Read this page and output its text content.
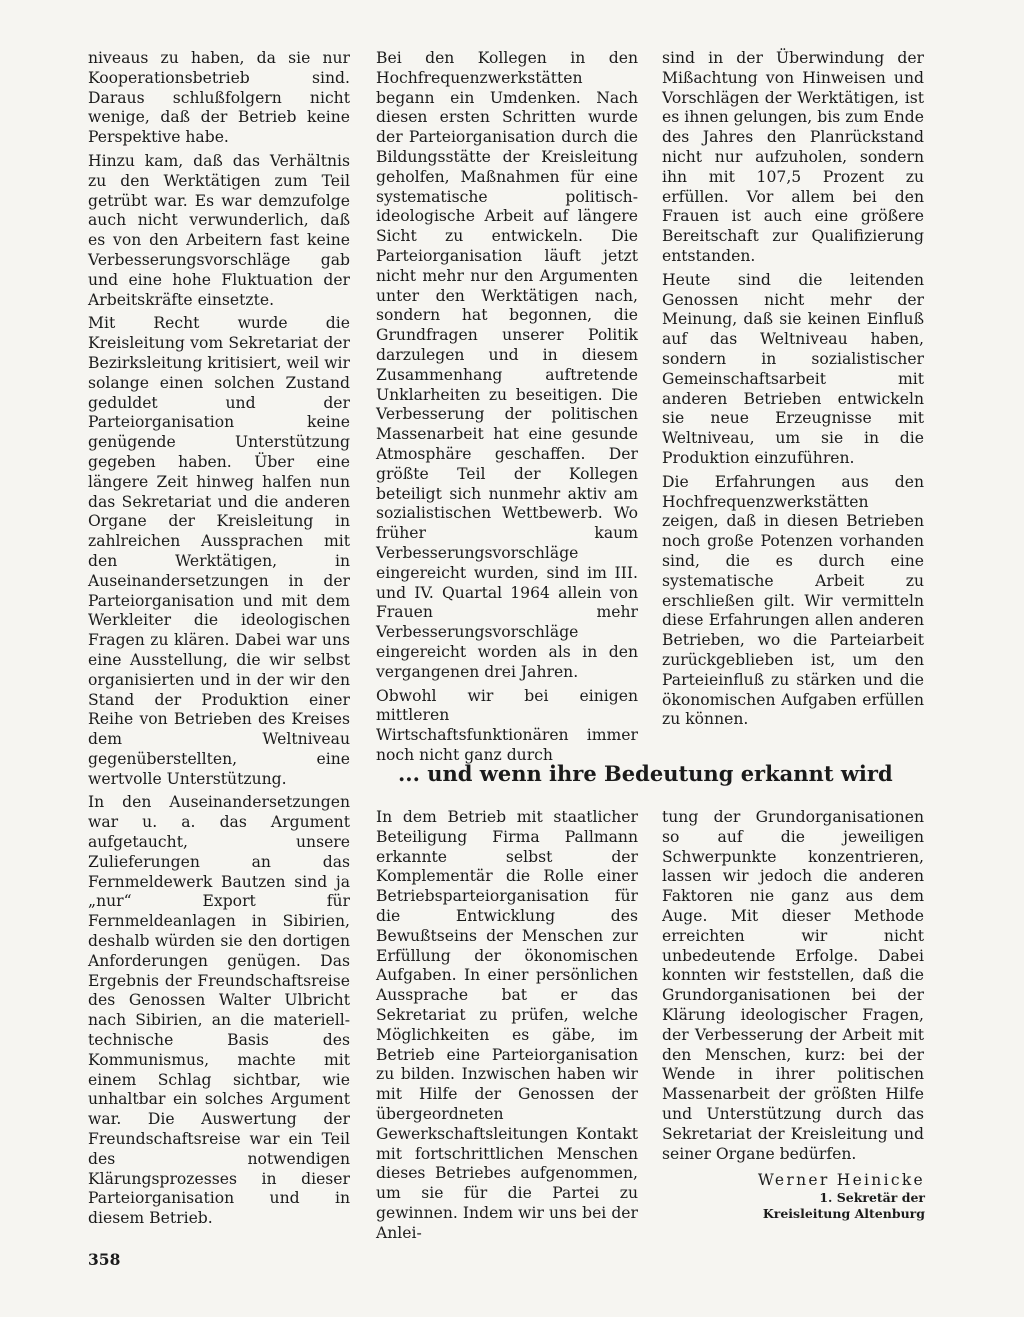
niveaus zu haben, da sie nur Kooperationsbetrieb sind. Daraus schlußfolgern nicht wenige, daß der Betrieb keine Perspektive habe.

Hinzu kam, daß das Verhältnis zu den Werktätigen zum Teil getrübt war. Es war demzufolge auch nicht verwunderlich, daß es von den Arbeitern fast keine Verbesserungsvorschläge gab und eine hohe Fluktuation der Arbeitskräfte einsetzte.

Mit Recht wurde die Kreisleitung vom Sekretariat der Bezirksleitung kritisiert, weil wir solange einen solchen Zustand geduldet und der Parteiorganisation keine genügende Unterstützung gegeben haben. Über eine längere Zeit hinweg halfen nun das Sekretariat und die anderen Organe der Kreisleitung in zahlreichen Aussprachen mit den Werktätigen, in Auseinandersetzungen in der Parteiorganisation und mit dem Werkleiter die ideologischen Fragen zu klären. Dabei war uns eine Ausstellung, die wir selbst organisierten und in der wir den Stand der Produktion einer Reihe von Betrieben des Kreises dem Weltniveau gegenüberstellten, eine wertvolle Unterstützung.

In den Auseinandersetzungen war u. a. das Argument aufgetaucht, unsere Zulieferungen an das Fernmeldewerk Bautzen sind ja „nur“ Export für Fernmeldeanlagen in Sibirien, deshalb würden sie den dortigen Anforderungen genügen. Das Ergebnis der Freundschaftsreise des Genossen Walter Ulbricht nach Sibirien, an die materiell-technische Basis des Kommunismus, machte mit einem Schlag sichtbar, wie unhaltbar ein solches Argument war. Die Auswertung der Freundschaftsreise war ein Teil des notwendigen Klärungsprozesses in dieser Parteiorganisation und in diesem Betrieb.

Bei den Kollegen in den Hochfrequenzwerkstätten begann ein Umdenken. Nach diesen ersten Schritten wurde der Parteiorganisation durch die Bildungsstätte der Kreisleitung geholfen, Maßnahmen für eine systematische politisch-ideologische Arbeit auf längere Sicht zu entwickeln. Die Parteiorganisation läuft jetzt nicht mehr nur den Argumenten unter den Werktätigen nach, sondern hat begonnen, die Grundfragen unserer Politik darzulegen und in diesem Zusammenhang auftretende Unklarheiten zu beseitigen. Die Verbesserung der politischen Massenarbeit hat eine gesunde Atmosphäre geschaffen. Der größte Teil der Kollegen beteiligt sich nunmehr aktiv am sozialistischen Wettbewerb. Wo früher kaum Verbesserungsvorschläge eingereicht wurden, sind im III. und IV. Quartal 1964 allein von Frauen mehr Verbesserungsvorschläge eingereicht worden als in den vergangenen drei Jahren.

Obwohl wir bei einigen mittleren Wirtschaftsfunktionären immer noch nicht ganz durch

sind in der Überwindung der Mißachtung von Hinweisen und Vorschlägen der Werktätigen, ist es ihnen gelungen, bis zum Ende des Jahres den Planrückstand nicht nur aufzuholen, sondern ihn mit 107,5 Prozent zu erfüllen. Vor allem bei den Frauen ist auch eine größere Bereitschaft zur Qualifizierung entstanden.

Heute sind die leitenden Genossen nicht mehr der Meinung, daß sie keinen Einfluß auf das Weltniveau haben, sondern in sozialistischer Gemeinschaftsarbeit mit anderen Betrieben entwickeln sie neue Erzeugnisse mit Weltniveau, um sie in die Produktion einzuführen.

Die Erfahrungen aus den Hochfrequenzwerkstätten zeigen, daß in diesen Betrieben noch große Potenzen vorhanden sind, die es durch eine systematische Arbeit zu erschließen gilt. Wir vermitteln diese Erfahrungen allen anderen Betrieben, wo die Parteiarbeit zurückgeblieben ist, um den Parteieinfluß zu stärken und die ökonomischen Aufgaben erfüllen zu können.

... und wenn ihre Bedeutung erkannt wird

In dem Betrieb mit staatlicher Beteiligung Firma Pallmann erkannte selbst der Komplementär die Rolle einer Betriebsparteiorganisation für die Entwicklung des Bewußtseins der Menschen zur Erfüllung der ökonomischen Aufgaben. In einer persönlichen Aussprache bat er das Sekretariat zu prüfen, welche Möglichkeiten es gäbe, im Betrieb eine Parteiorganisation zu bilden. Inzwischen haben wir mit Hilfe der Genossen der übergeordneten Gewerkschaftsleitungen Kontakt mit fortschrittlichen Menschen dieses Betriebes aufgenommen, um sie für die Partei zu gewinnen. Indem wir uns bei der Anlei-

tung der Grundorganisationen so auf die jeweiligen Schwerpunkte konzentrieren, lassen wir jedoch die anderen Faktoren nie ganz aus dem Auge. Mit dieser Methode erreichten wir nicht unbedeutende Erfolge. Dabei konnten wir feststellen, daß die Grundorganisationen bei der Klärung ideologischer Fragen, der Verbesserung der Arbeit mit den Menschen, kurz: bei der Wende in ihrer politischen Massenarbeit der größten Hilfe und Unterstützung durch das Sekretariat der Kreisleitung und seiner Organe bedürfen.

Werner Heinicke
1. Sekretär der
Kreisleitung Altenburg
358
